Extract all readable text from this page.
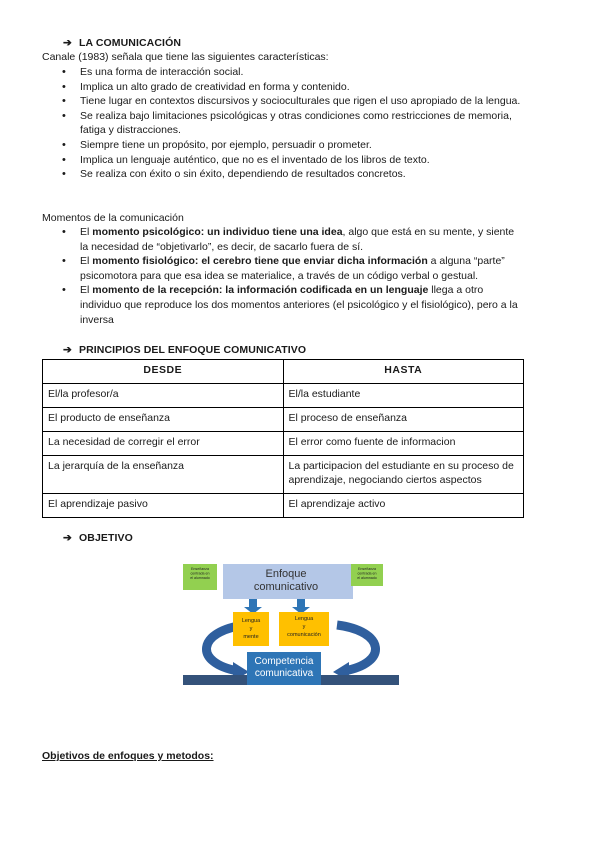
➔ LA COMUNICACIÓN
Canale (1983) señala que tiene las siguientes características:
• Es una forma de interacción social.
• Implica un alto grado de creatividad en forma y contenido.
• Tiene lugar en contextos discursivos y socioculturales que rigen el uso apropiado de la lengua.
• Se realiza bajo limitaciones psicológicas y otras condiciones como restricciones de memoria, fatiga y distracciones.
• Siempre tiene un propósito, por ejemplo, persuadir o prometer.
• Implica un lenguaje auténtico, que no es el inventado de los libros de texto.
• Se realiza con éxito o sin éxito, dependiendo de resultados concretos.
Momentos de la comunicación
• El momento psicológico: un individuo tiene una idea, algo que está en su mente, y siente la necesidad de “objetivarlo”, es decir, de sacarlo fuera de sí.
• El momento fisiológico: el cerebro tiene que enviar dicha información a alguna “parte” psicomotora para que esa idea se materialice, a través de un código verbal o gestual.
• El momento de la recepción: la información codificada en un lenguaje llega a otro individuo que reproduce los dos momentos anteriores (el psicológico y el fisiológico), pero a la inversa
➔ PRINCIPIOS DEL ENFOQUE COMUNICATIVO
DESDE	HASTA
El/la profesor/a	El/la estudiante
El producto de enseñanza	El proceso de enseñanza
La necesidad de corregir el error	El error como fuente de informacion
La jerarquía de la enseñanza	La participacion del estudiante en su proceso de aprendizaje, negociando ciertos aspectos
El aprendizaje pasivo	El aprendizaje activo
➔ OBJETIVO
Enfoque comunicativo
Enseñanza centrada en el alumnado
Enseñanza centrada en el alumnado
Lengua y mente
Lengua y comunicación
Competencia comunicativa
Objetivos de enfoques y metodos:
